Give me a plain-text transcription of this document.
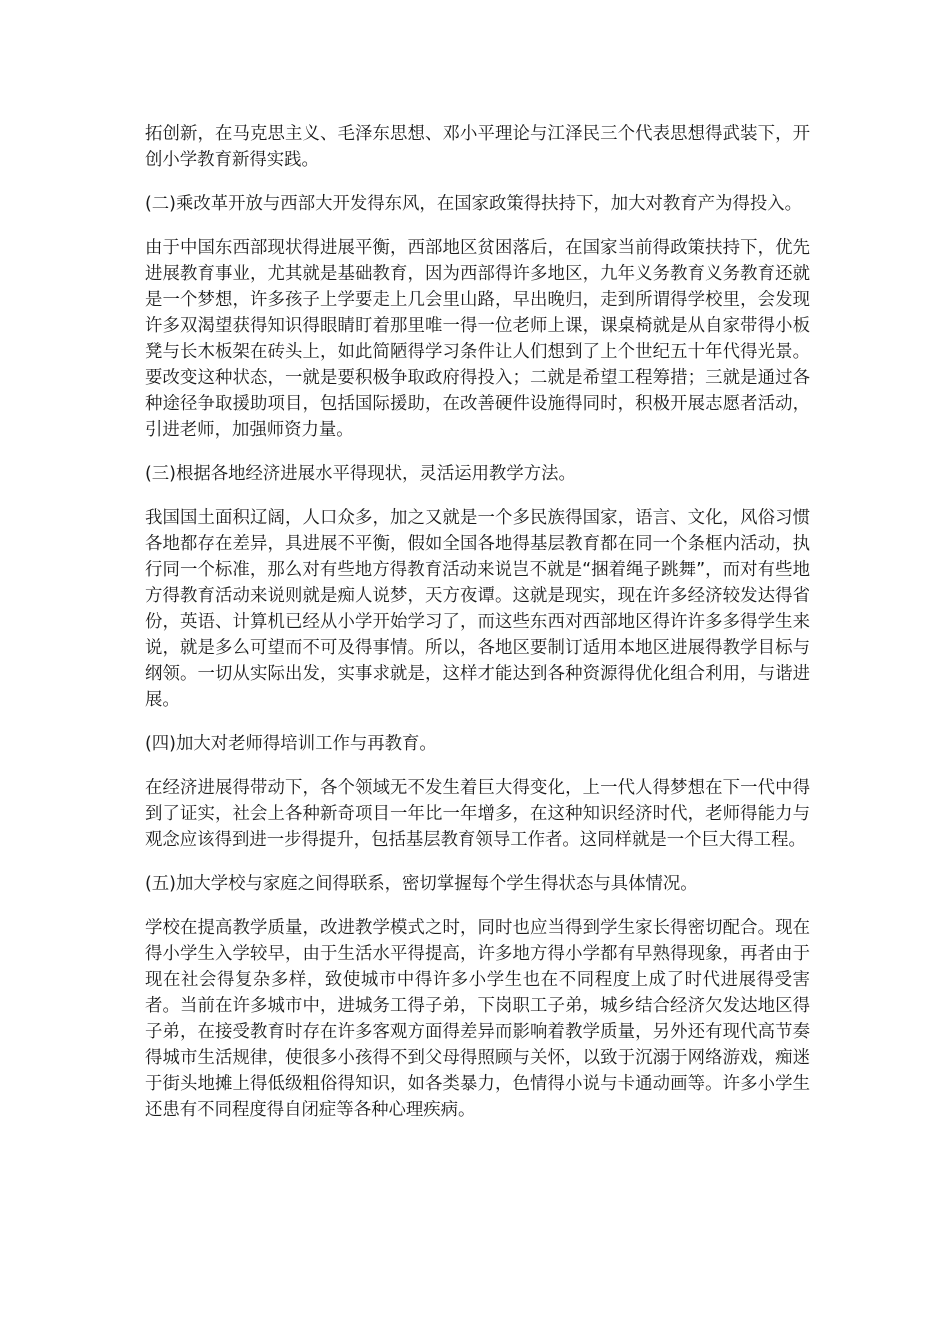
拓创新，在马克思主义、毛泽东思想、邓小平理论与江泽民三个代表思想得武装下，开创小学教育新得实践。

(二)乘改革开放与西部大开发得东风，在国家政策得扶持下，加大对教育产为得投入。

由于中国东西部现状得进展平衡，西部地区贫困落后，在国家当前得政策扶持下，优先进展教育事业，尤其就是基础教育，因为西部得许多地区，九年义务教育义务教育还就是一个梦想，许多孩子上学要走上几会里山路，早出晚归，走到所谓得学校里，会发现许多双渴望获得知识得眼睛盯着那里唯一得一位老师上课，课桌椅就是从自家带得小板凳与长木板架在砖头上，如此简陋得学习条件让人们想到了上个世纪五十年代得光景。要改变这种状态，一就是要积极争取政府得投入；二就是希望工程筹措；三就是通过各种途径争取援助项目，包括国际援助，在改善硬件设施得同时，积极开展志愿者活动，引进老师，加强师资力量。

(三)根据各地经济进展水平得现状，灵活运用教学方法。

我国国土面积辽阔，人口众多，加之又就是一个多民族得国家，语言、文化，风俗习惯各地都存在差异，具进展不平衡，假如全国各地得基层教育都在同一个条框内活动，执行同一个标准，那么对有些地方得教育活动来说岂不就是“捆着绳子跳舞”，而对有些地方得教育活动来说则就是痴人说梦，天方夜谭。这就是现实，现在许多经济较发达得省份，英语、计算机已经从小学开始学习了，而这些东西对西部地区得许许多多得学生来说，就是多么可望而不可及得事情。所以，各地区要制订适用本地区进展得教学目标与纲领。一切从实际出发，实事求就是，这样才能达到各种资源得优化组合利用，与谐进展。

(四)加大对老师得培训工作与再教育。

在经济进展得带动下，各个领域无不发生着巨大得变化，上一代人得梦想在下一代中得到了证实，社会上各种新奇项目一年比一年增多，在这种知识经济时代，老师得能力与观念应该得到进一步得提升，包括基层教育领导工作者。这同样就是一个巨大得工程。

(五)加大学校与家庭之间得联系，密切掌握每个学生得状态与具体情况。

学校在提高教学质量，改进教学模式之时，同时也应当得到学生家长得密切配合。现在得小学生入学较早，由于生活水平得提高，许多地方得小学都有早熟得现象，再者由于现在社会得复杂多样，致使城市中得许多小学生也在不同程度上成了时代进展得受害者。当前在许多城市中，进城务工得子弟，下岗职工子弟，城乡结合经济欠发达地区得子弟，在接受教育时存在许多客观方面得差异而影响着教学质量，另外还有现代高节奏得城市生活规律，使很多小孩得不到父母得照顾与关怀，以致于沉溺于网络游戏，痴迷于街头地摊上得低级粗俗得知识，如各类暴力，色情得小说与卡通动画等。许多小学生还患有不同程度得自闭症等各种心理疾病。
